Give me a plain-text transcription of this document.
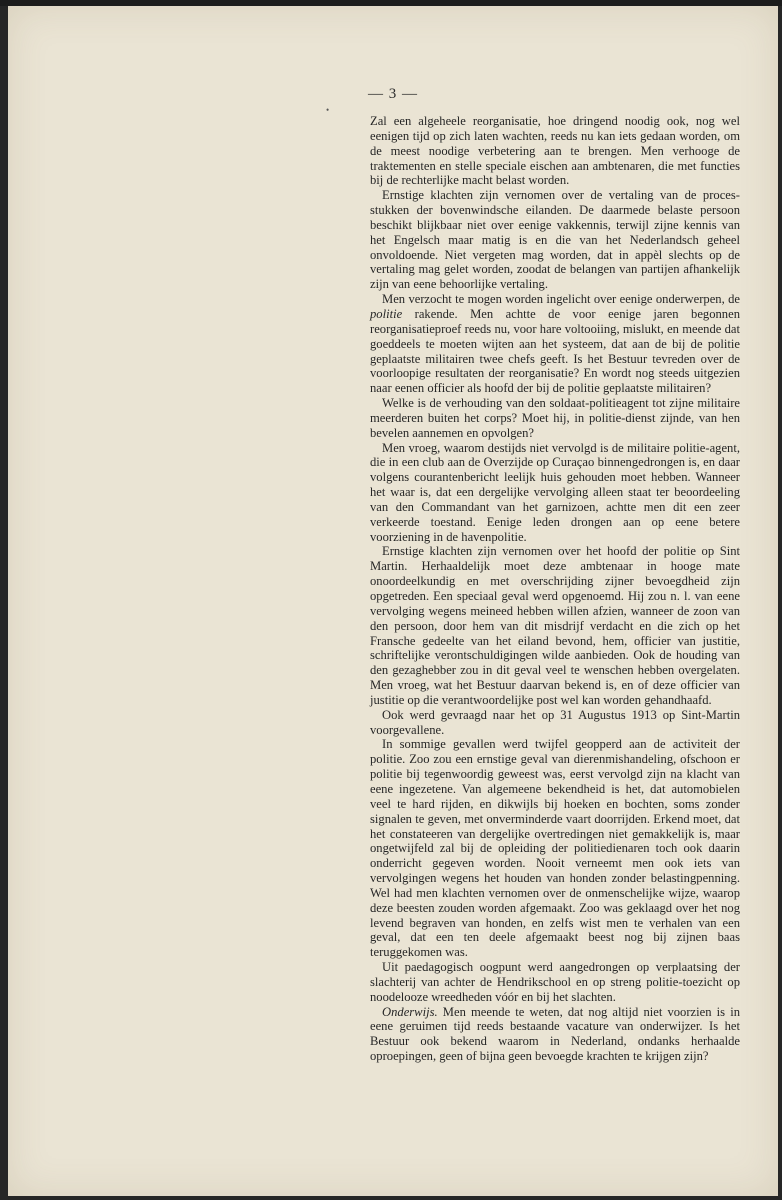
— 3 —
•

Zal een algeheele reorganisatie, hoe dringend noodig ook, nog wel eenigen tijd op zich laten wachten, reeds nu kan iets gedaan worden, om de meest noodige verbetering aan te brengen. Men verhooge de traktementen en stelle speciale eischen aan ambtenaren, die met functies bij de rechterlijke macht belast worden.

Ernstige klachten zijn vernomen over de vertaling van de proces-stukken der bovenwindsche eilanden. De daarmede belaste persoon beschikt blijkbaar niet over eenige vakkennis, terwijl zijne kennis van het Engelsch maar matig is en die van het Nederlandsch geheel onvoldoende. Niet vergeten mag worden, dat in appèl slechts op de vertaling mag gelet worden, zoodat de belangen van partijen afhankelijk zijn van eene behoorlijke vertaling.

Men verzocht te mogen worden ingelicht over eenige onderwerpen, de politie rakende. Men achtte de voor eenige jaren begonnen reorganisatieproef reeds nu, voor hare voltooiing, mislukt, en meende dat goeddeels te moeten wijten aan het systeem, dat aan de bij de politie geplaatste militairen twee chefs geeft. Is het Bestuur tevreden over de voorloopige resultaten der reorganisatie? En wordt nog steeds uitgezien naar eenen officier als hoofd der bij de politie geplaatste militairen?

Welke is de verhouding van den soldaat-politieagent tot zijne militaire meerderen buiten het corps? Moet hij, in politie-dienst zijnde, van hen bevelen aannemen en opvolgen?

Men vroeg, waarom destijds niet vervolgd is de militaire politie-agent, die in een club aan de Overzijde op Curaçao binnengedrongen is, en daar volgens courantenbericht leelijk huis gehouden moet hebben. Wanneer het waar is, dat een dergelijke vervolging alleen staat ter beoordeeling van den Commandant van het garnizoen, achtte men dit een zeer verkeerde toestand. Eenige leden drongen aan op eene betere voorziening in de havenpolitie.

Ernstige klachten zijn vernomen over het hoofd der politie op Sint Martin. Herhaaldelijk moet deze ambtenaar in hooge mate onoordeelkundig en met overschrijding zijner bevoegdheid zijn opgetreden. Een speciaal geval werd opgenoemd. Hij zou n. l. van eene vervolging wegens meineed hebben willen afzien, wanneer de zoon van den persoon, door hem van dit misdrijf verdacht en die zich op het Fransche gedeelte van het eiland bevond, hem, officier van justitie, schriftelijke verontschuldigingen wilde aanbieden. Ook de houding van den gezaghebber zou in dit geval veel te wenschen hebben overgelaten. Men vroeg, wat het Bestuur daarvan bekend is, en of deze officier van justitie op die verantwoordelijke post wel kan worden gehandhaafd.

Ook werd gevraagd naar het op 31 Augustus 1913 op Sint-Martin voorgevallene.

In sommige gevallen werd twijfel geopperd aan de activiteit der politie. Zoo zou een ernstige geval van dierenmishandeling, ofschoon er politie bij tegenwoordig geweest was, eerst vervolgd zijn na klacht van eene ingezetene. Van algemeene bekendheid is het, dat automobielen veel te hard rijden, en dikwijls bij hoeken en bochten, soms zonder signalen te geven, met onverminderde vaart doorrijden. Erkend moet, dat het constateeren van dergelijke overtredingen niet gemakkelijk is, maar ongetwijfeld zal bij de opleiding der politiedienaren toch ook daarin onderricht gegeven worden. Nooit verneemt men ook iets van vervolgingen wegens het houden van honden zonder belastingpenning. Wel had men klachten vernomen over de onmenschelijke wijze, waarop deze beesten zouden worden afgemaakt. Zoo was geklaagd over het nog levend begraven van honden, en zelfs wist men te verhalen van een geval, dat een ten deele afgemaakt beest nog bij zijnen baas teruggekomen was.

Uit paedagogisch oogpunt werd aangedrongen op verplaatsing der slachterij van achter de Hendrikschool en op streng politie-toezicht op noodelooze wreedheden vóór en bij het slachten.

Onderwijs. Men meende te weten, dat nog altijd niet voorzien is in eene geruimen tijd reeds bestaande vacature van onderwijzer. Is het Bestuur ook bekend waarom in Nederland, ondanks herhaalde oproepingen, geen of bijna geen bevoegde krachten te krijgen zijn?
